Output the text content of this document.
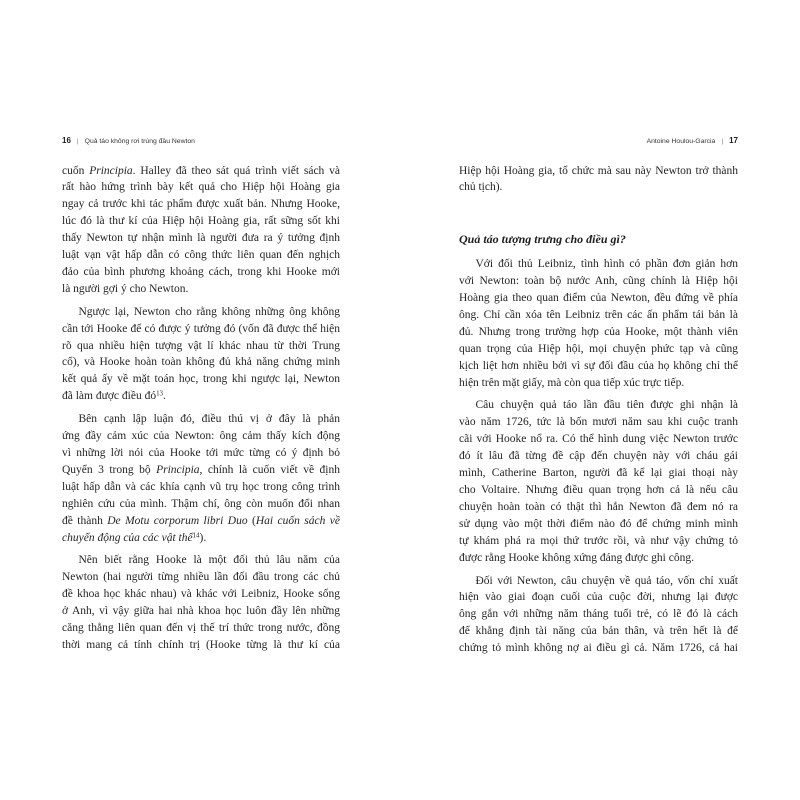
16 | Quả táo không rơi trúng đầu Newton
cuốn Principia. Halley đã theo sát quá trình viết sách và
rất hào hứng trình bày kết quả cho Hiệp hội Hoàng gia
ngay cả trước khi tác phẩm được xuất bản. Nhưng Hooke,
lúc đó là thư kí của Hiệp hội Hoàng gia, rất sững sốt khi
thấy Newton tự nhận mình là người đưa ra ý tưởng định
luật vạn vật hấp dẫn có công thức liên quan đến nghịch
đảo của bình phương khoảng cách, trong khi Hooke mới
là người gợi ý cho Newton.
Ngược lại, Newton cho rằng không những ông không
cần tới Hooke để có được ý tưởng đó (vốn đã được thể hiện
rõ qua nhiều hiện tượng vật lí khác nhau từ thời Trung
cổ), và Hooke hoàn toàn không đủ khả năng chứng minh
kết quả ấy về mặt toán học, trong khi ngược lại, Newton
đã làm được điều $đó^{13}$.
Bên cạnh lập luận đó, điều thú vị ở đây là phản
ứng đầy cảm xúc của Newton: ông cảm thấy kích động
vì những lời nói của Hooke tới mức từng có ý định bỏ
Quyển 3 trong bộ Principia, chính là cuốn viết về định
luật hấp dẫn và các khía cạnh vũ trụ học trong công trình
nghiên cứu của mình. Thậm chí, ông còn muốn đổi nhan
đề thành De Motu corporum libri Duo (Hai cuốn sách về
chuyển động của các vật thể$^{14}$).
Nên biết rằng Hooke là một đối thủ lâu năm của
Newton (hai người từng nhiều lần đối đầu trong các chủ
đề khoa học khác nhau) và khác với Leibniz, Hooke sống
ở Anh, vì vậy giữa hai nhà khoa học luôn đầy lên những
căng thẳng liên quan đến vị thế trí thức trong nước, đồng
thời mang cả tính chính trị (Hooke từng là thư kí của
Antoine Houlou-Garcia | 17
Hiệp hội Hoàng gia, tổ chức mà sau này Newton trở thành
chủ tịch).
Quả táo tượng trưng cho điều gì?
Với đối thủ Leibniz, tình hình có phần đơn giản hơn
với Newton: toàn bộ nước Anh, cũng chính là Hiệp hội
Hoàng gia theo quan điểm của Newton, đều đứng về phía
ông. Chỉ cần xóa tên Leibniz trên các ấn phẩm tái bản là
đủ. Nhưng trong trường hợp của Hooke, một thành viên
quan trọng của Hiệp hội, mọi chuyện phức tạp và cũng
kịch liệt hơn nhiều bởi vì sự đối đầu của họ không chỉ thể
hiện trên mặt giấy, mà còn qua tiếp xúc trực tiếp.
Câu chuyện quả táo lần đầu tiên được ghi nhận là
vào năm 1726, tức là bốn mươi năm sau khi cuộc tranh
cãi với Hooke nổ ra. Có thể hình dung việc Newton trước
đó ít lâu đã từng đề cập đến chuyện này với cháu gái
mình, Catherine Barton, người đã kể lại giai thoại này
cho Voltaire. Nhưng điều quan trọng hơn cả là nếu câu
chuyện hoàn toàn có thật thì hẳn Newton đã đem nó ra
sử dụng vào một thời điểm nào đó để chứng minh mình
tự khám phá ra mọi thứ trước rồi, và như vậy chứng tỏ
được rằng Hooke không xứng đáng được ghi công.
Đối với Newton, câu chuyện về quả táo, vốn chỉ xuất
hiện vào giai đoạn cuối của cuộc đời, nhưng lại được
ông gắn với những năm tháng tuổi trẻ, có lẽ đó là cách
để khẳng định tài năng của bản thân, và trên hết là để
chứng tỏ mình không nợ ai điều gì cả. Năm 1726, cả hai
